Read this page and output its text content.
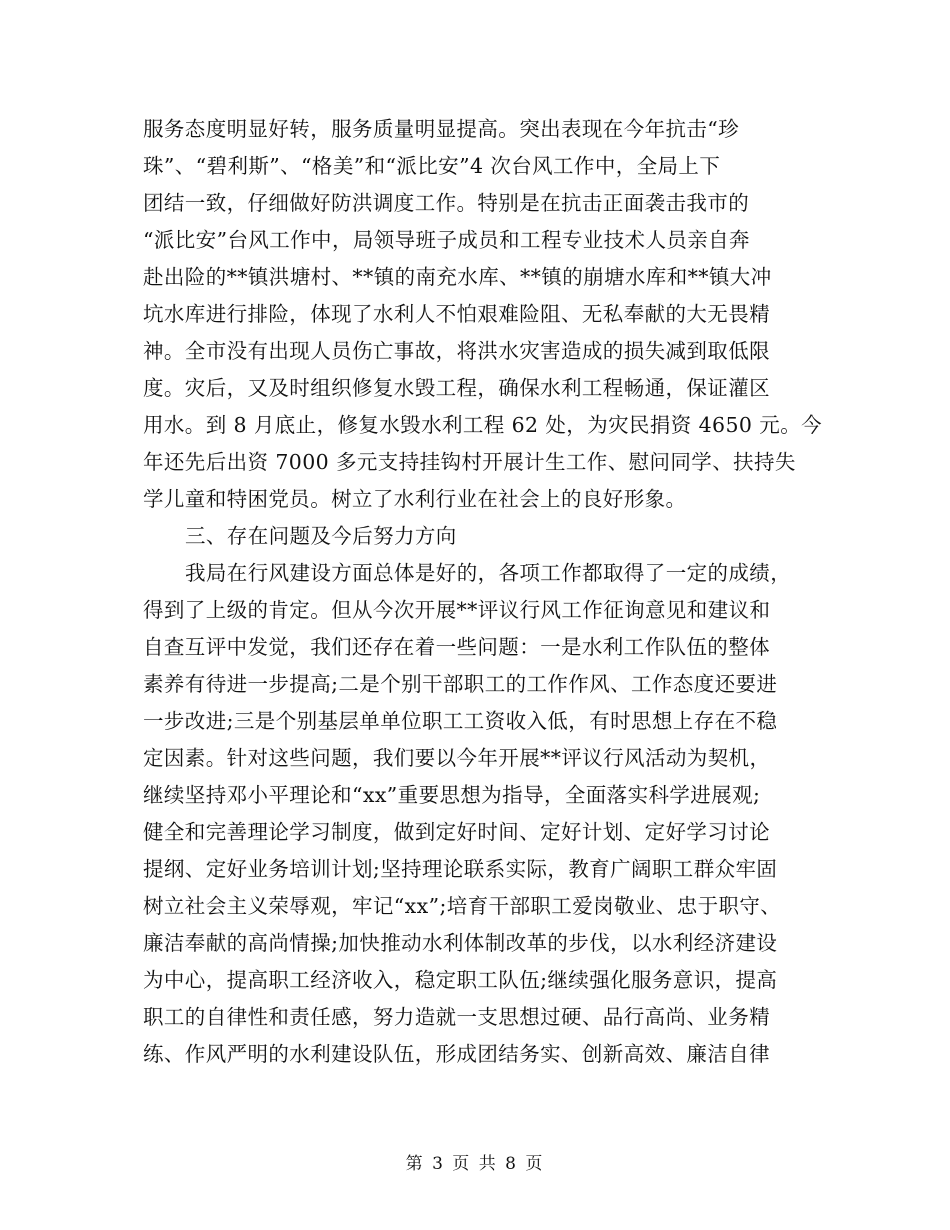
服务态度明显好转，服务质量明显提高。突出表现在今年抗击“珍
珠”、“碧利斯”、“格美”和“派比安”4 次台风工作中，全局上下
团结一致，仔细做好防洪调度工作。特别是在抗击正面袭击我市的
“派比安”台风工作中，局领导班子成员和工程专业技术人员亲自奔
赴出险的**镇洪塘村、**镇的南充水库、**镇的崩塘水库和**镇大冲
坑水库进行排险，体现了水利人不怕艰难险阻、无私奉献的大无畏精
神。全市没有出现人员伤亡事故，将洪水灾害造成的损失减到取低限
度。灾后，又及时组织修复水毁工程，确保水利工程畅通，保证灌区
用水。到 8 月底止，修复水毁水利工程 62 处，为灾民捐资 4650 元。今
年还先后出资 7000 多元支持挂钩村开展计生工作、慰问同学、扶持失
学儿童和特困党员。树立了水利行业在社会上的良好形象。
三、存在问题及今后努力方向
我局在行风建设方面总体是好的，各项工作都取得了一定的成绩，
得到了上级的肯定。但从今次开展**评议行风工作征询意见和建议和
自查互评中发觉，我们还存在着一些问题：一是水利工作队伍的整体
素养有待进一步提高;二是个别干部职工的工作作风、工作态度还要进
一步改进;三是个别基层单单位职工工资收入低，有时思想上存在不稳
定因素。针对这些问题，我们要以今年开展**评议行风活动为契机，
继续坚持邓小平理论和“xx”重要思想为指导，全面落实科学进展观;
健全和完善理论学习制度，做到定好时间、定好计划、定好学习讨论
提纲、定好业务培训计划;坚持理论联系实际，教育广阔职工群众牢固
树立社会主义荣辱观，牢记“xx”;培育干部职工爱岗敬业、忠于职守、
廉洁奉献的高尚情操;加快推动水利体制改革的步伐，以水利经济建设
为中心，提高职工经济收入，稳定职工队伍;继续强化服务意识，提高
职工的自律性和责任感，努力造就一支思想过硬、品行高尚、业务精
练、作风严明的水利建设队伍，形成团结务实、创新高效、廉洁自律
第 3 页 共 8 页
